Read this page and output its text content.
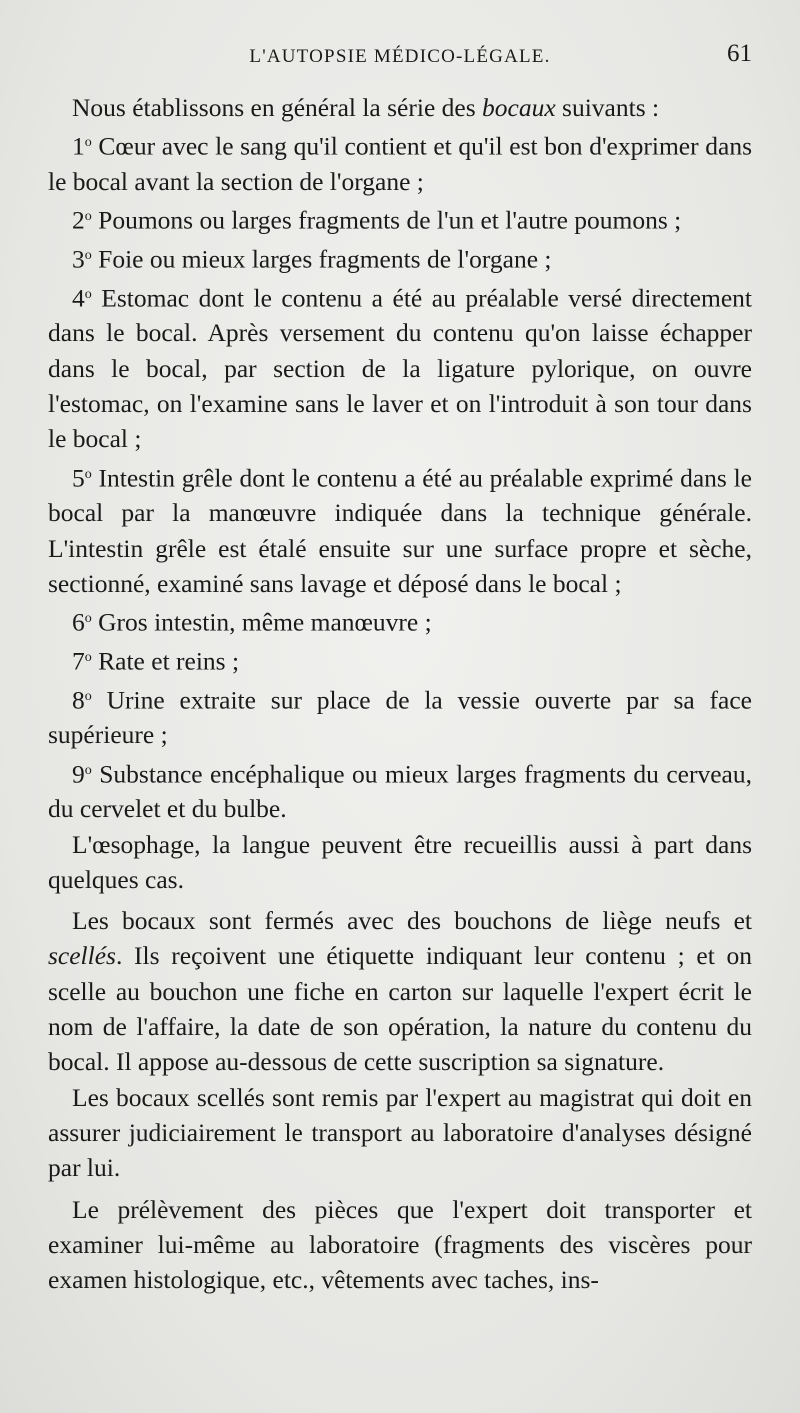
L'AUTOPSIE MÉDICO-LÉGALE.	61

Nous établissons en général la série des bocaux suivants :

1$^o$ Cœur avec le sang qu'il contient et qu'il est bon d'exprimer dans le bocal avant la section de l'organe ;

2$^o$ Poumons ou larges fragments de l'un et l'autre poumons ;

3$^o$ Foie ou mieux larges fragments de l'organe ;

4$^o$ Estomac dont le contenu a été au préalable versé directement dans le bocal. Après versement du contenu qu'on laisse échapper dans le bocal, par section de la ligature pylorique, on ouvre l'estomac, on l'examine sans le laver et on l'introduit à son tour dans le bocal ;

5$^o$ Intestin grêle dont le contenu a été au préalable exprimé dans le bocal par la manœuvre indiquée dans la technique générale. L'intestin grêle est étalé ensuite sur une surface propre et sèche, sectionné, examiné sans lavage et déposé dans le bocal ;

6$^o$ Gros intestin, même manœuvre ;

7$^o$ Rate et reins ;

8$^o$ Urine extraite sur place de la vessie ouverte par sa face supérieure ;

9$^o$ Substance encéphalique ou mieux larges fragments du cerveau, du cervelet et du bulbe.

L'œsophage, la langue peuvent être recueillis aussi à part dans quelques cas.

Les bocaux sont fermés avec des bouchons de liège neufs et scellés. Ils reçoivent une étiquette indiquant leur contenu ; et on scelle au bouchon une fiche en carton sur laquelle l'expert écrit le nom de l'affaire, la date de son opération, la nature du contenu du bocal. Il appose au-dessous de cette suscription sa signature.

Les bocaux scellés sont remis par l'expert au magistrat qui doit en assurer judiciairement le transport au laboratoire d'analyses désigné par lui.

Le prélèvement des pièces que l'expert doit transporter et examiner lui-même au laboratoire (fragments des viscères pour examen histologique, etc., vêtements avec taches, ins-
